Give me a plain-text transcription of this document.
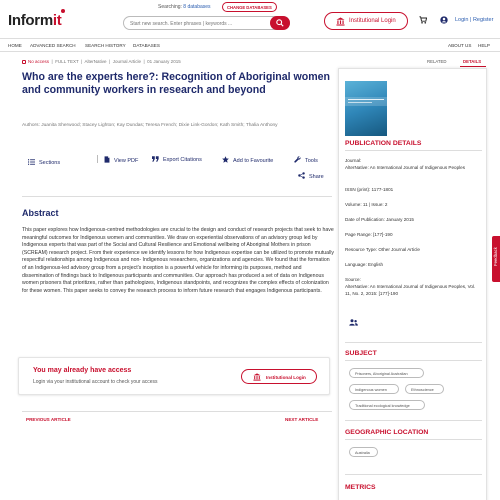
Informit
Searching: 8 databases	CHANGE DATABASES
Start new search. Enter phrases | keywords ...
Institutional Login	Login | Register
HOME ADVANCED SEARCH SEARCH HISTORY DATABASES	ABOUT US HELP
No access  |  FULL TEXT  |  AlterNative  |  Journal Article  |  01 January 2015
Who are the experts here?: Recognition of Aboriginal women and community workers in research and beyond
Authors: Juanita Sherwood; Stacey Lighton; Kay Dundas; Teresa French; Dixie Link-Gordon; Kath Smith; Thalia Anthony
Sections	View PDF	Export Citations	Add to Favourite	Tools
Share
Abstract

This paper explores how Indigenous-centred methodologies are crucial to the design and conduct of research projects that seek to have meaningful outcomes for Indigenous women and communities. We draw on experiential observations of an advisory group led by Indigenous experts that was part of the Social and Cultural Resilience and Emotional wellbeing of Aboriginal Mothers in prison (SCREAM) research project. From their experience we identify lessons for how Indigenous expertise can be utilized to promote mutually respectful relationships among Indigenous and non- Indigenous researchers, organizations and agencies. We found that the formation of an Indigenous-led advisory group from a project's inception is a powerful vehicle for informing its purposes, method and dissemination of findings back to Indigenous participants and communities. Our approach has produced a set of data on Indigenous women prisoners that prioritizes, rather than pathologizes, Indigenous standpoints, and recognizes the complex effects of colonization for these women. This paper seeks to convey the research process to inform future research that engages Indigenous participants.

You may already have access
Login via your institutional account to check your access
Institutional Login
PREVIOUS ARTICLE	NEXT ARTICLE
RELATED	DETAILS
PUBLICATION DETAILS
Journal:
AlterNative: An International Journal of Indigenous Peoples
ISSN (print): 1177-1801
Volume: 11 | Issue: 2
Date of Publication: January 2015
Page Range: [177]-190
Resource Type: Other Journal Article
Language: English
Source:
AlterNative: An International Journal of Indigenous Peoples, Vol. 11, No. 2, 2015: [177]-190
SUBJECT
Prisoners, Aboriginal Australian
Indigenous women	Ethnoscience
Traditional ecological knowledge
GEOGRAPHIC LOCATION
Australia
METRICS
Feedback
